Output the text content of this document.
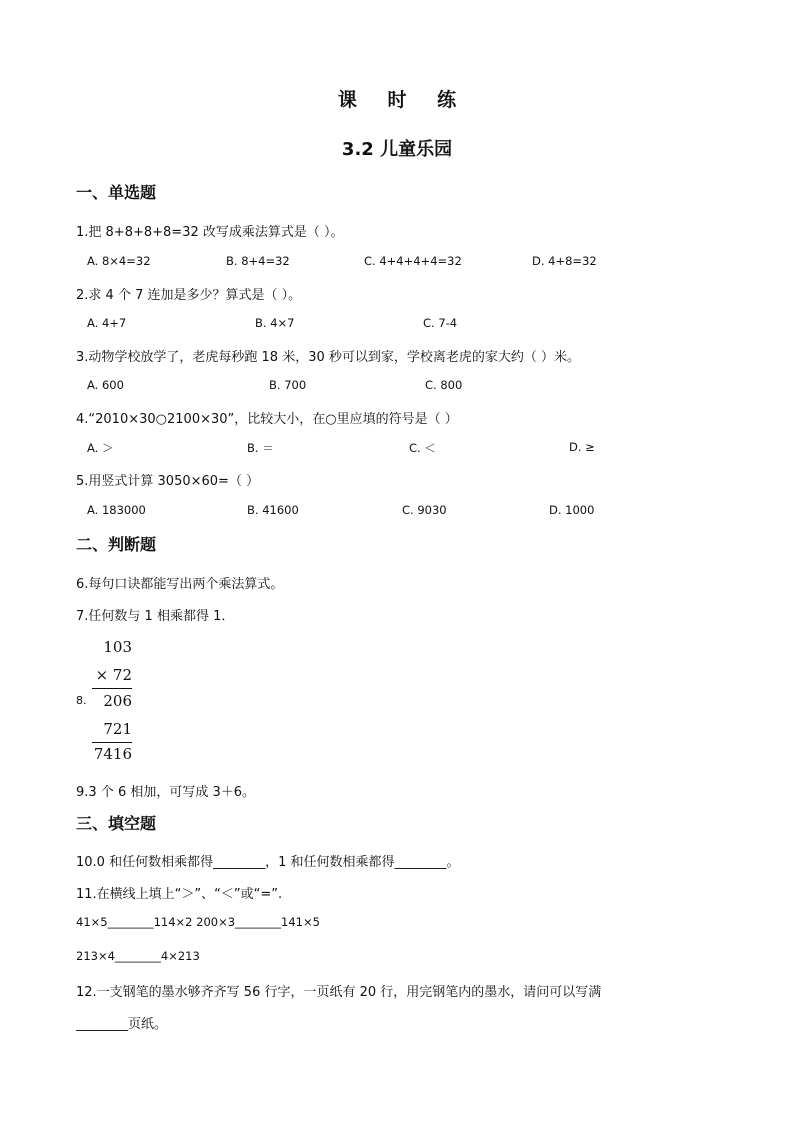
课 时 练
3.2 儿童乐园
一、单选题
1.把 8+8+8+8=32 改写成乘法算式是（ ）。
A. 8×4=32	B. 8+4=32	C. 4+4+4+4=32	D. 4+8=32
2.求 4 个 7 连加是多少？算式是（ ）。
A. 4+7	B. 4×7	C. 7-4
3.动物学校放学了，老虎每秒跑 18 米，30 秒可以到家，学校离老虎的家大约（ ）米。
A. 600	B. 700	C. 800
4.“2010×30○2100×30”，比较大小，在○里应填的符号是（ ）
A. ＞	B. ＝	C. ＜	D. ≥
5.用竖式计算 3050×60=（ ）
A. 183000	B. 41600	C. 9030	D. 1000
二、判断题
6.每句口诀都能写出两个乘法算式。
7.任何数与 1 相乘都得 1．
8.
103
× 72
206
721
7416
9.3 个 6 相加，可写成 3＋6。
三、填空题
10.0 和任何数相乘都得________，1 和任何数相乘都得________。
11.在横线上填上“＞”、“＜”或“=”.
41×5________114×2 200×3________141×5
213×4________4×213
12.一支钢笔的墨水够齐齐写 56 行字，一页纸有 20 行，用完钢笔内的墨水，请问可以写满
________页纸。
